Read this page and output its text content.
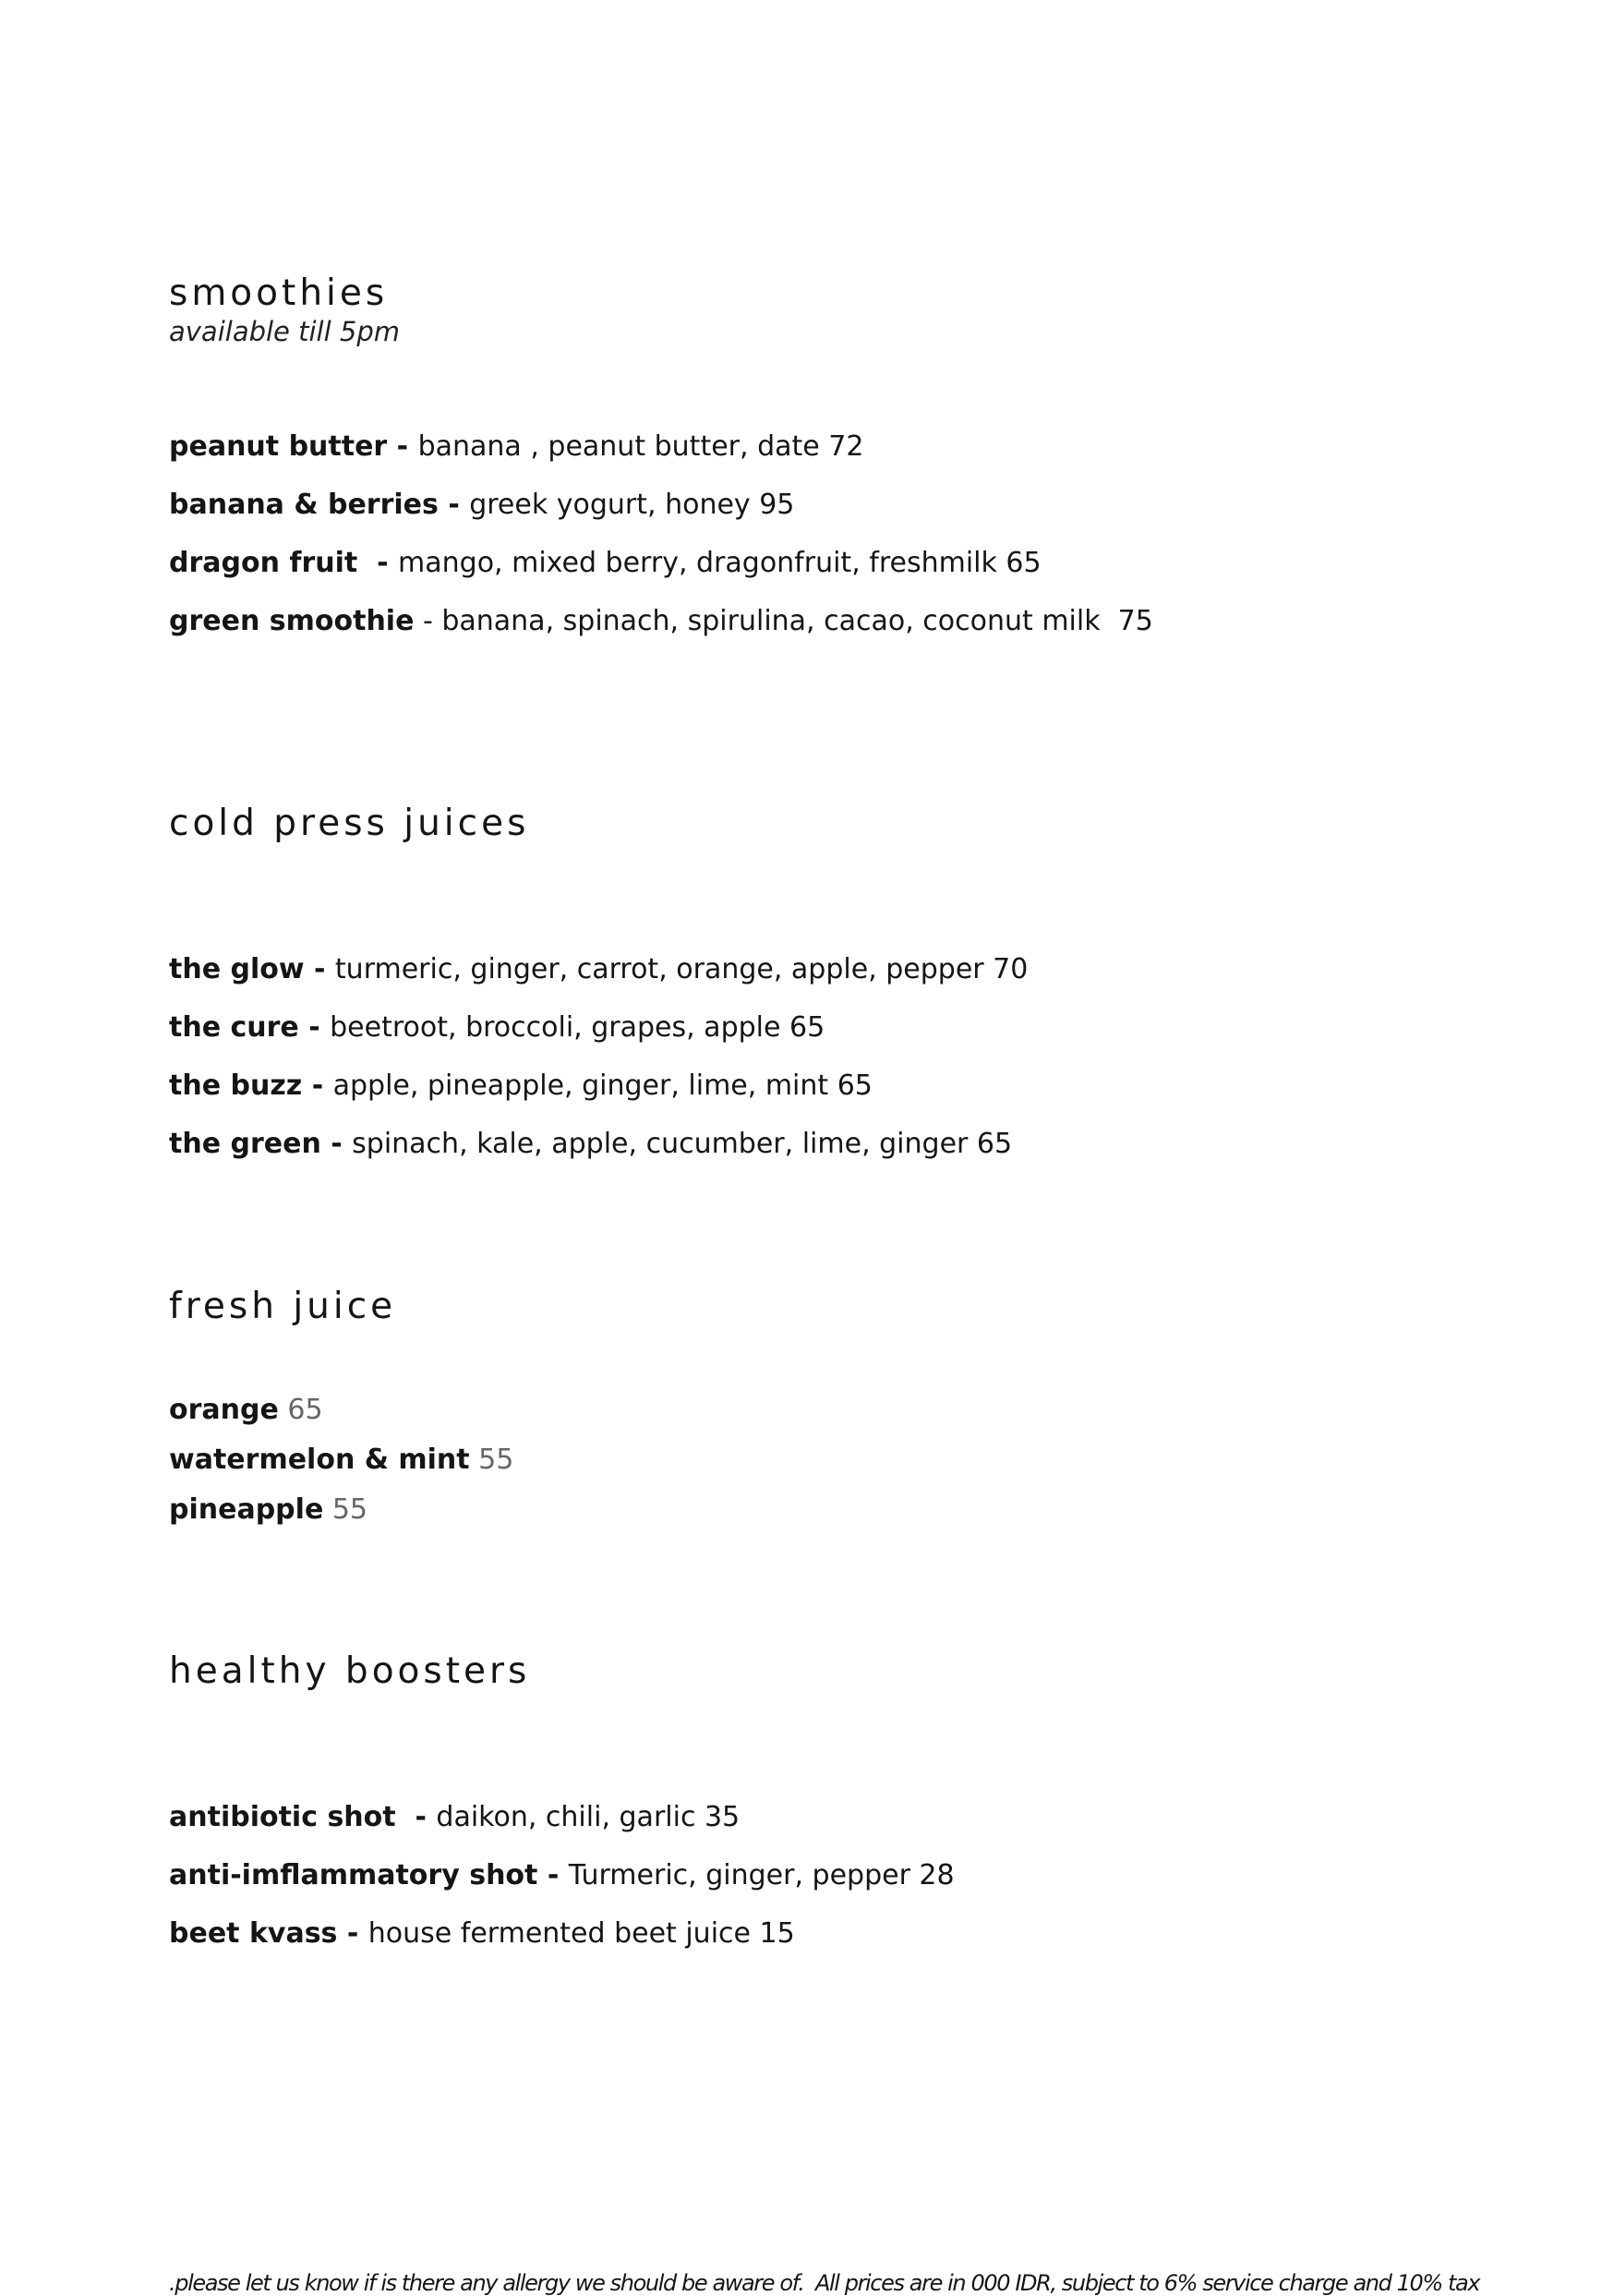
smoothies

available till 5pm

peanut butter - banana , peanut butter, date 72
banana & berries - greek yogurt, honey 95
dragon fruit  - mango, mixed berry, dragonfruit, freshmilk 65
green smoothie - banana, spinach, spirulina, cacao, coconut milk  75
cold press juices
the glow - turmeric, ginger, carrot, orange, apple, pepper 70
the cure - beetroot, broccoli, grapes, apple 65
the buzz - apple, pineapple, ginger, lime, mint 65
the green - spinach, kale, apple, cucumber, lime, ginger 65
fresh juice
orange 65
watermelon & mint 55
pineapple 55
healthy boosters
antibiotic shot  - daikon, chili, garlic 35
anti-imflammatory shot - Turmeric, ginger, pepper 28
beet kvass - house fermented beet juice 15

.please let us know if is there any allergy we should be aware of.  All prices are in 000 IDR, subject to 6% service charge and 10% tax
